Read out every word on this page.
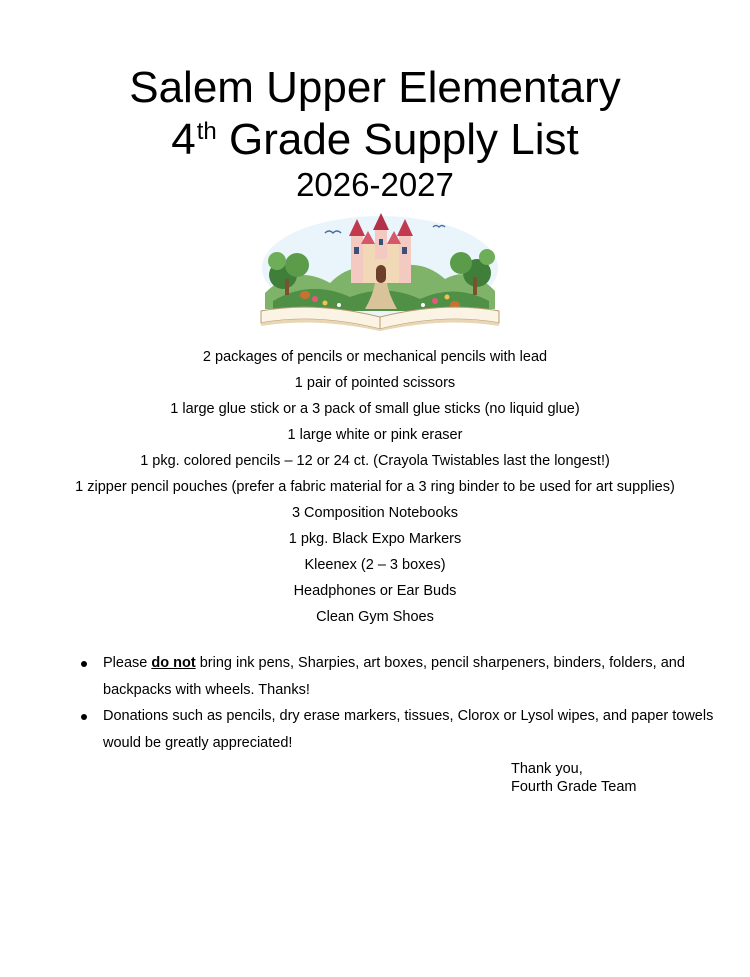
Salem Upper Elementary
4th Grade Supply List
2026-2027
2 packages of pencils or mechanical pencils with lead
1 pair of pointed scissors
1 large glue stick or a 3 pack of small glue sticks (no liquid glue)
1 large white or pink eraser
1 pkg. colored pencils – 12 or 24 ct. (Crayola Twistables last the longest!)
1 zipper pencil pouches (prefer a fabric material for a 3 ring binder to be used for art supplies)
3 Composition Notebooks
1 pkg. Black Expo Markers
Kleenex (2 – 3 boxes)
Headphones or Ear Buds
Clean Gym Shoes
Please do not bring ink pens, Sharpies, art boxes, pencil sharpeners, binders, folders, and backpacks with wheels. Thanks!
Donations such as pencils, dry erase markers, tissues, Clorox or Lysol wipes, and paper towels would be greatly appreciated!
Thank you,
Fourth Grade Team
